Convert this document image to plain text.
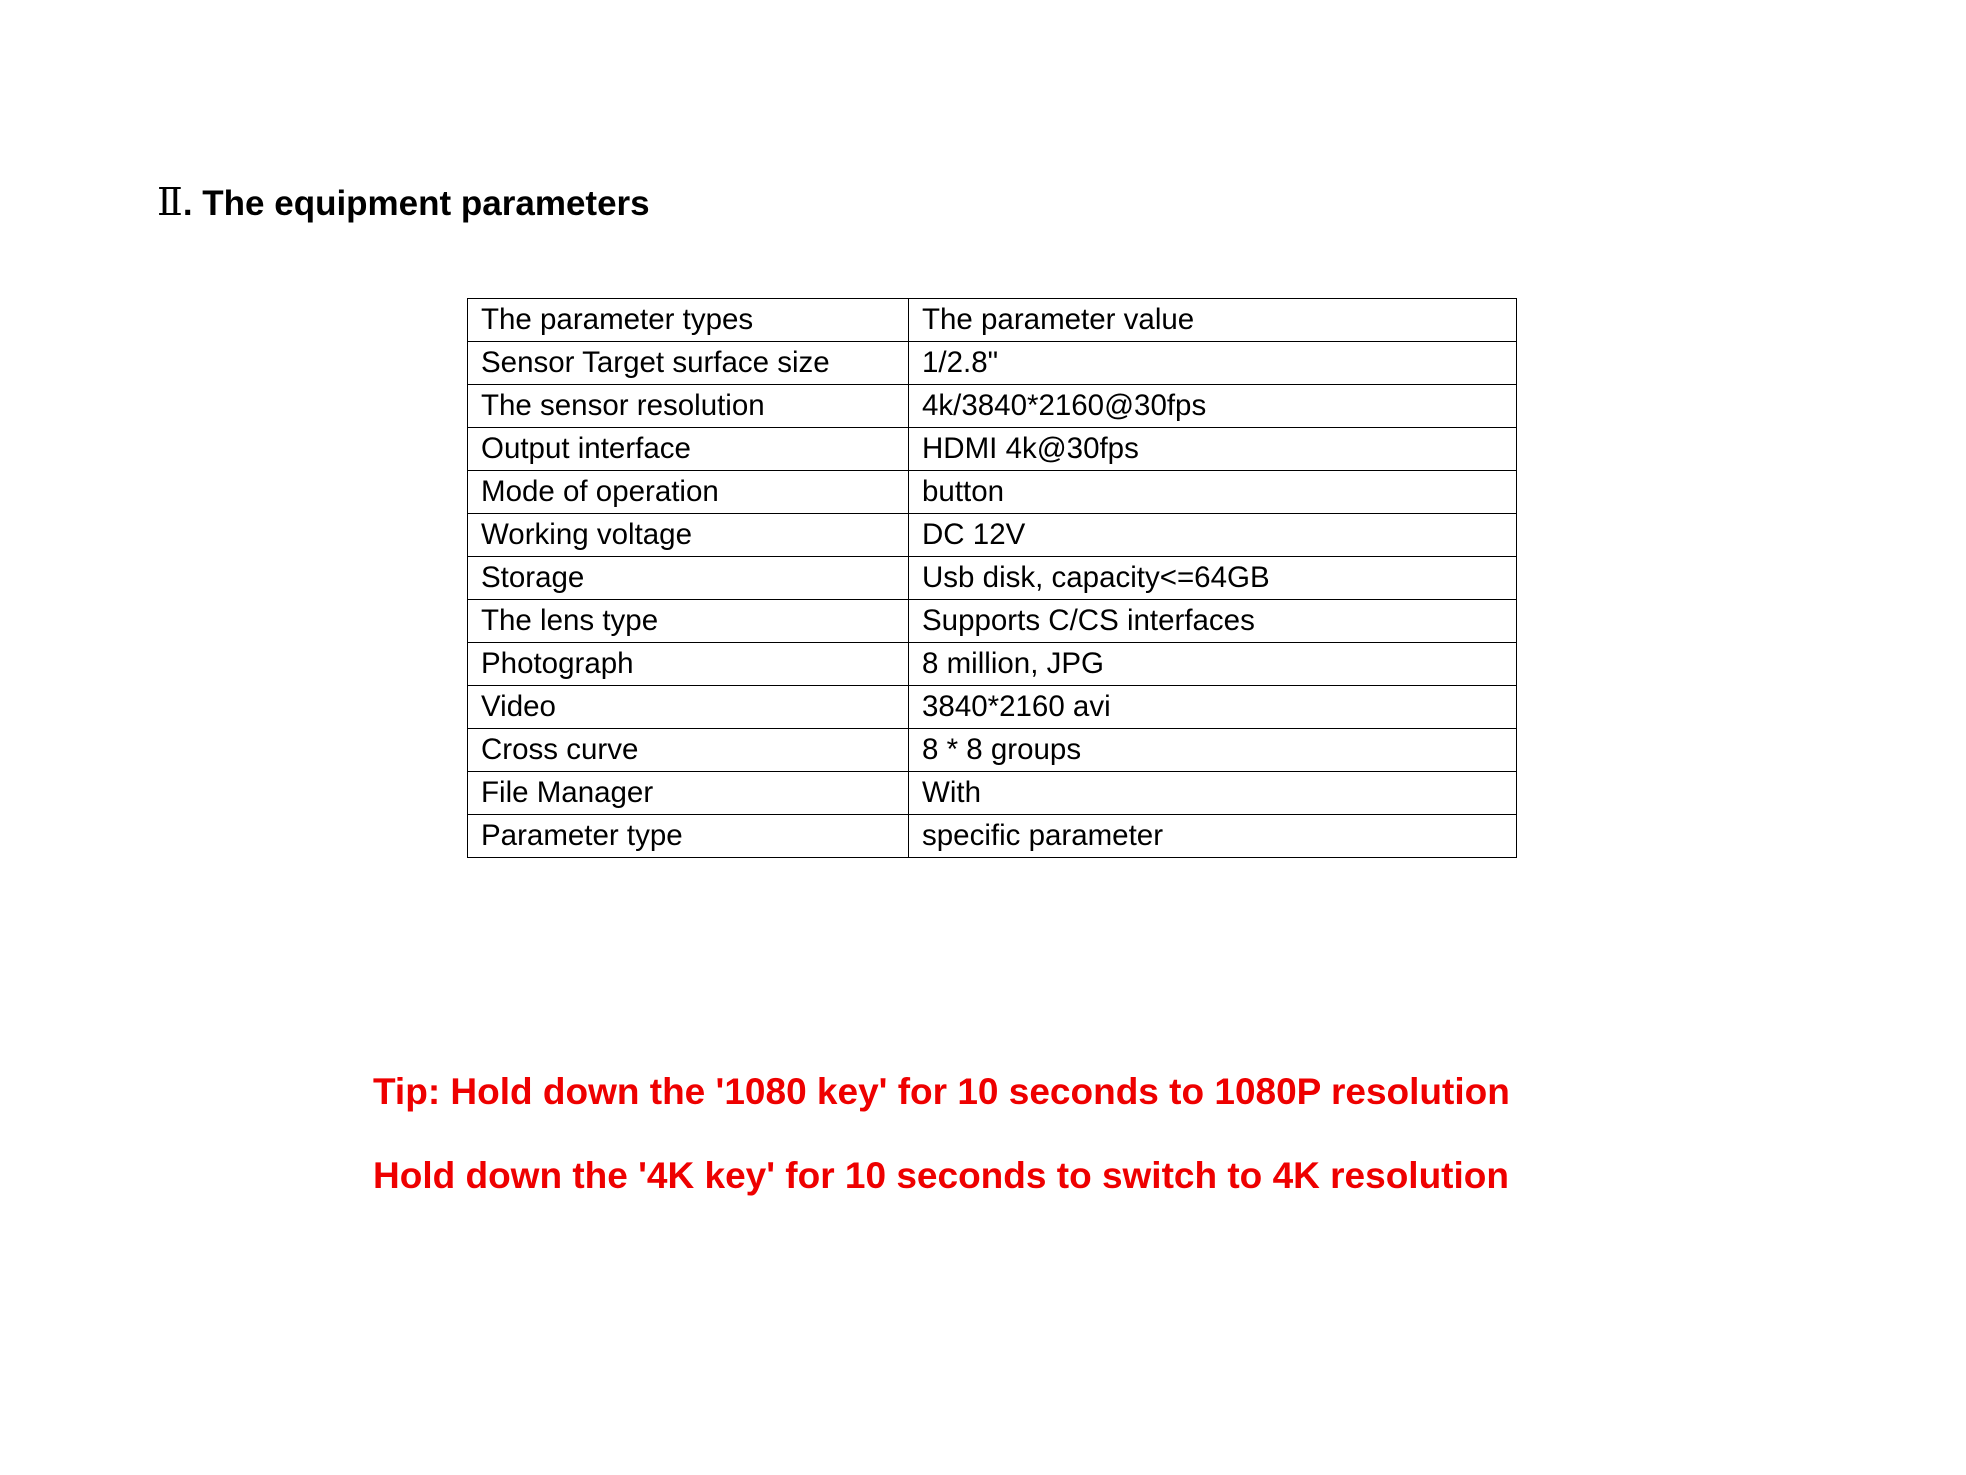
Ⅱ. The equipment parameters
The parameter types	The parameter value
Sensor Target surface size	1/2.8"
The sensor resolution	4k/3840*2160@30fps
Output interface	HDMI 4k@30fps
Mode of operation	button
Working voltage	DC 12V
Storage	Usb disk, capacity<=64GB
The lens type	Supports C/CS interfaces
Photograph	8 million, JPG
Video	3840*2160 avi
Cross curve	8 * 8 groups
File Manager	With
Parameter type	specific parameter

Tip: Hold down the '1080 key' for 10 seconds to 1080P resolution

Hold down the '4K key' for 10 seconds to switch to 4K resolution
